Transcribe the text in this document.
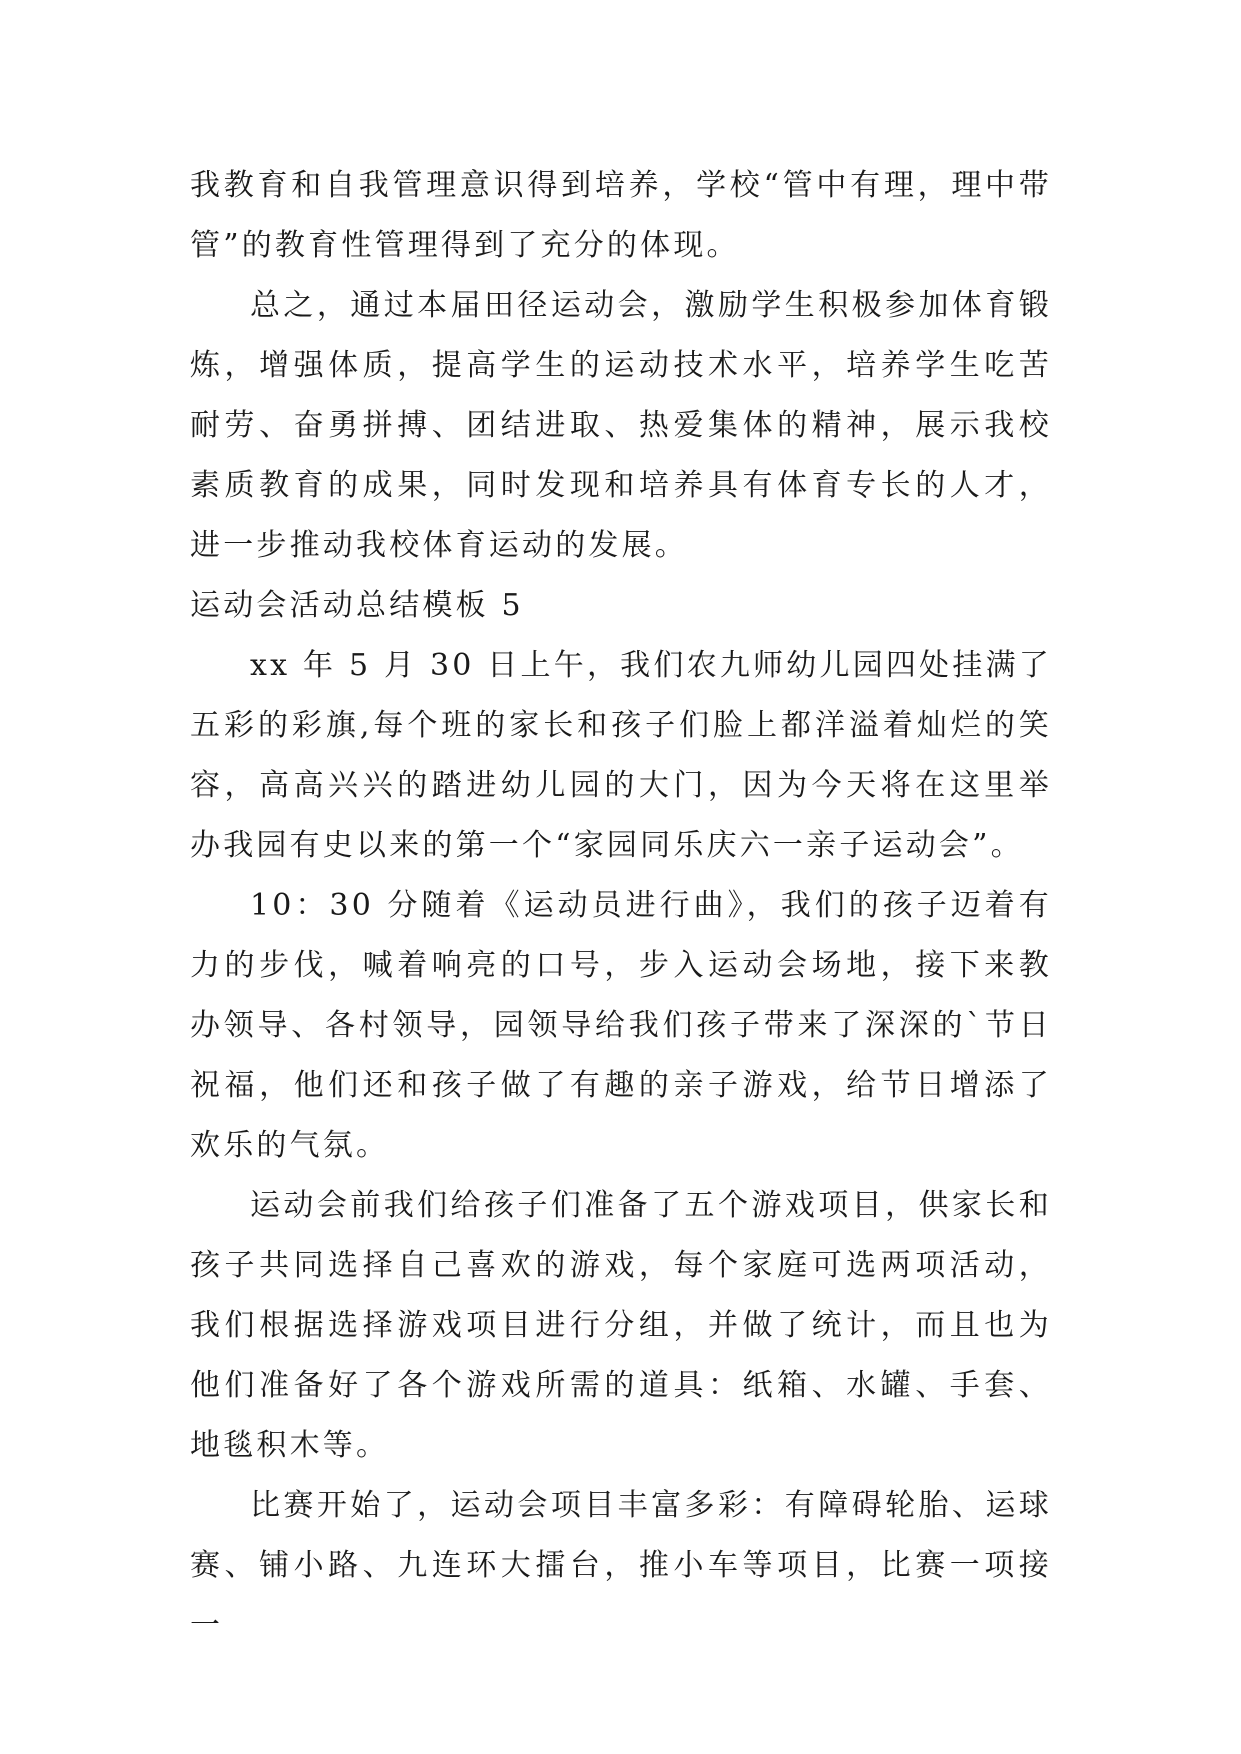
我教育和自我管理意识得到培养，学校“管中有理，理中带管”的教育性管理得到了充分的体现。

总之，通过本届田径运动会，激励学生积极参加体育锻炼，增强体质，提高学生的运动技术水平，培养学生吃苦耐劳、奋勇拼搏、团结进取、热爱集体的精神，展示我校素质教育的成果，同时发现和培养具有体育专长的人才，进一步推动我校体育运动的发展。

运动会活动总结模板 5

xx 年 5 月 30 日上午，我们农九师幼儿园四处挂满了五彩的彩旗,每个班的家长和孩子们脸上都洋溢着灿烂的笑容，高高兴兴的踏进幼儿园的大门，因为今天将在这里举办我园有史以来的第一个“家园同乐庆六一亲子运动会”。

10：30 分随着《运动员进行曲》，我们的孩子迈着有力的步伐，喊着响亮的口号，步入运动会场地，接下来教办领导、各村领导，园领导给我们孩子带来了深深的`节日祝福，他们还和孩子做了有趣的亲子游戏，给节日增添了欢乐的气氛。

运动会前我们给孩子们准备了五个游戏项目，供家长和孩子共同选择自己喜欢的游戏，每个家庭可选两项活动，我们根据选择游戏项目进行分组，并做了统计，而且也为他们准备好了各个游戏所需的道具：纸箱、水罐、手套、地毯积木等。

比赛开始了，运动会项目丰富多彩：有障碍轮胎、运球赛、铺小路、九连环大擂台，推小车等项目，比赛一项接一
